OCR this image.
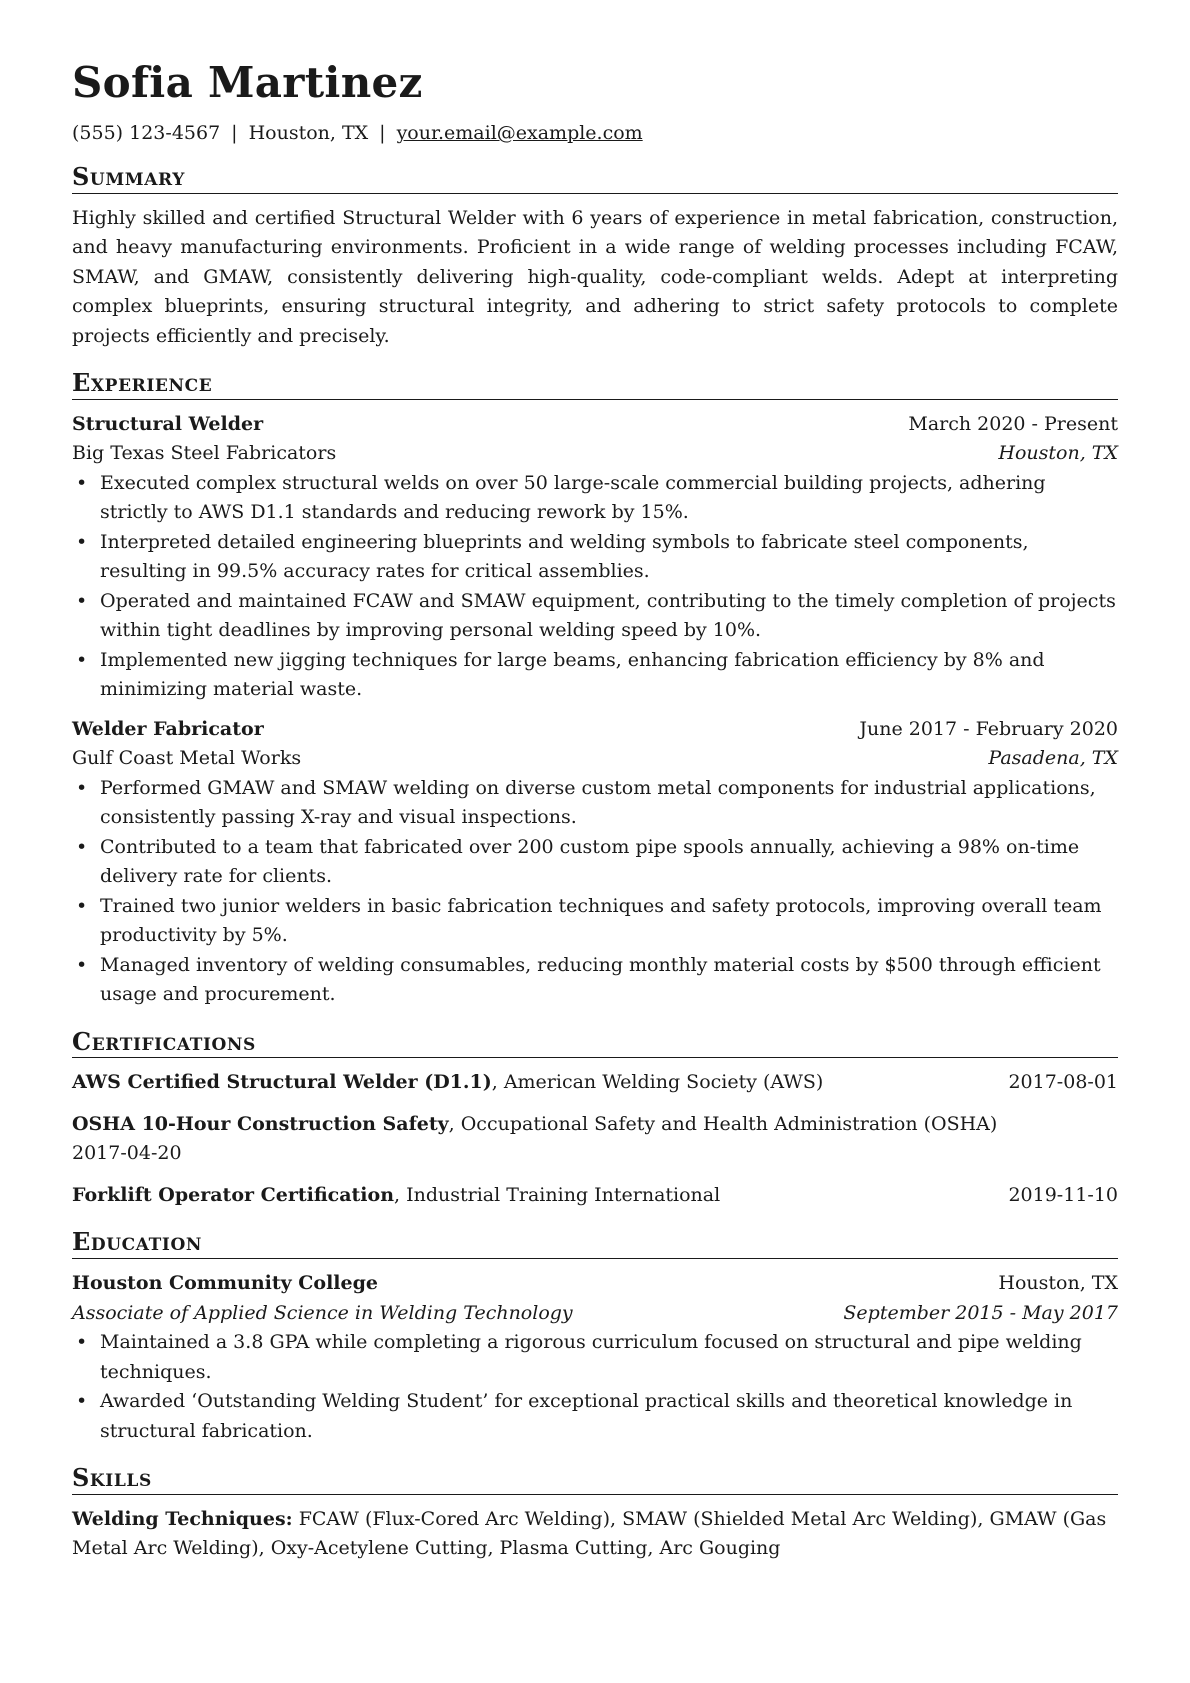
Sofia Martinez
(555) 123-4567 | Houston, TX | your.email@example.com
Summary

Highly skilled and certified Structural Welder with 6 years of experience in metal fabrication, construction, and heavy manufacturing environments. Proficient in a wide range of welding processes including FCAW, SMAW, and GMAW, consistently delivering high-quality, code-compliant welds. Adept at interpreting complex blueprints, ensuring structural integrity, and adhering to strict safety protocols to complete projects efficiently and precisely.

Experience
Structural Welder	March 2020 - Present
Big Texas Steel Fabricators	Houston, TX
• Executed complex structural welds on over 50 large-scale commercial building projects, adhering strictly to AWS D1.1 standards and reducing rework by 15%.
• Interpreted detailed engineering blueprints and welding symbols to fabricate steel components, resulting in 99.5% accuracy rates for critical assemblies.
• Operated and maintained FCAW and SMAW equipment, contributing to the timely completion of projects within tight deadlines by improving personal welding speed by 10%.
• Implemented new jigging techniques for large beams, enhancing fabrication efficiency by 8% and minimizing material waste.
Welder Fabricator	June 2017 - February 2020
Gulf Coast Metal Works	Pasadena, TX
• Performed GMAW and SMAW welding on diverse custom metal components for industrial applications, consistently passing X-ray and visual inspections.
• Contributed to a team that fabricated over 200 custom pipe spools annually, achieving a 98% on-time delivery rate for clients.
• Trained two junior welders in basic fabrication techniques and safety protocols, improving overall team productivity by 5%.
• Managed inventory of welding consumables, reducing monthly material costs by $500 through efficient usage and procurement.
Certifications
AWS Certified Structural Welder (D1.1), American Welding Society (AWS)	2017-08-01
OSHA 10-Hour Construction Safety, Occupational Safety and Health Administration (OSHA)
2017-04-20
Forklift Operator Certification, Industrial Training International	2019-11-10
Education
Houston Community College	Houston, TX
Associate of Applied Science in Welding Technology	September 2015 - May 2017
• Maintained a 3.8 GPA while completing a rigorous curriculum focused on structural and pipe welding techniques.
• Awarded ‘Outstanding Welding Student’ for exceptional practical skills and theoretical knowledge in structural fabrication.
Skills
Welding Techniques: FCAW (Flux-Cored Arc Welding), SMAW (Shielded Metal Arc Welding), GMAW (Gas Metal Arc Welding), Oxy-Acetylene Cutting, Plasma Cutting, Arc Gouging
